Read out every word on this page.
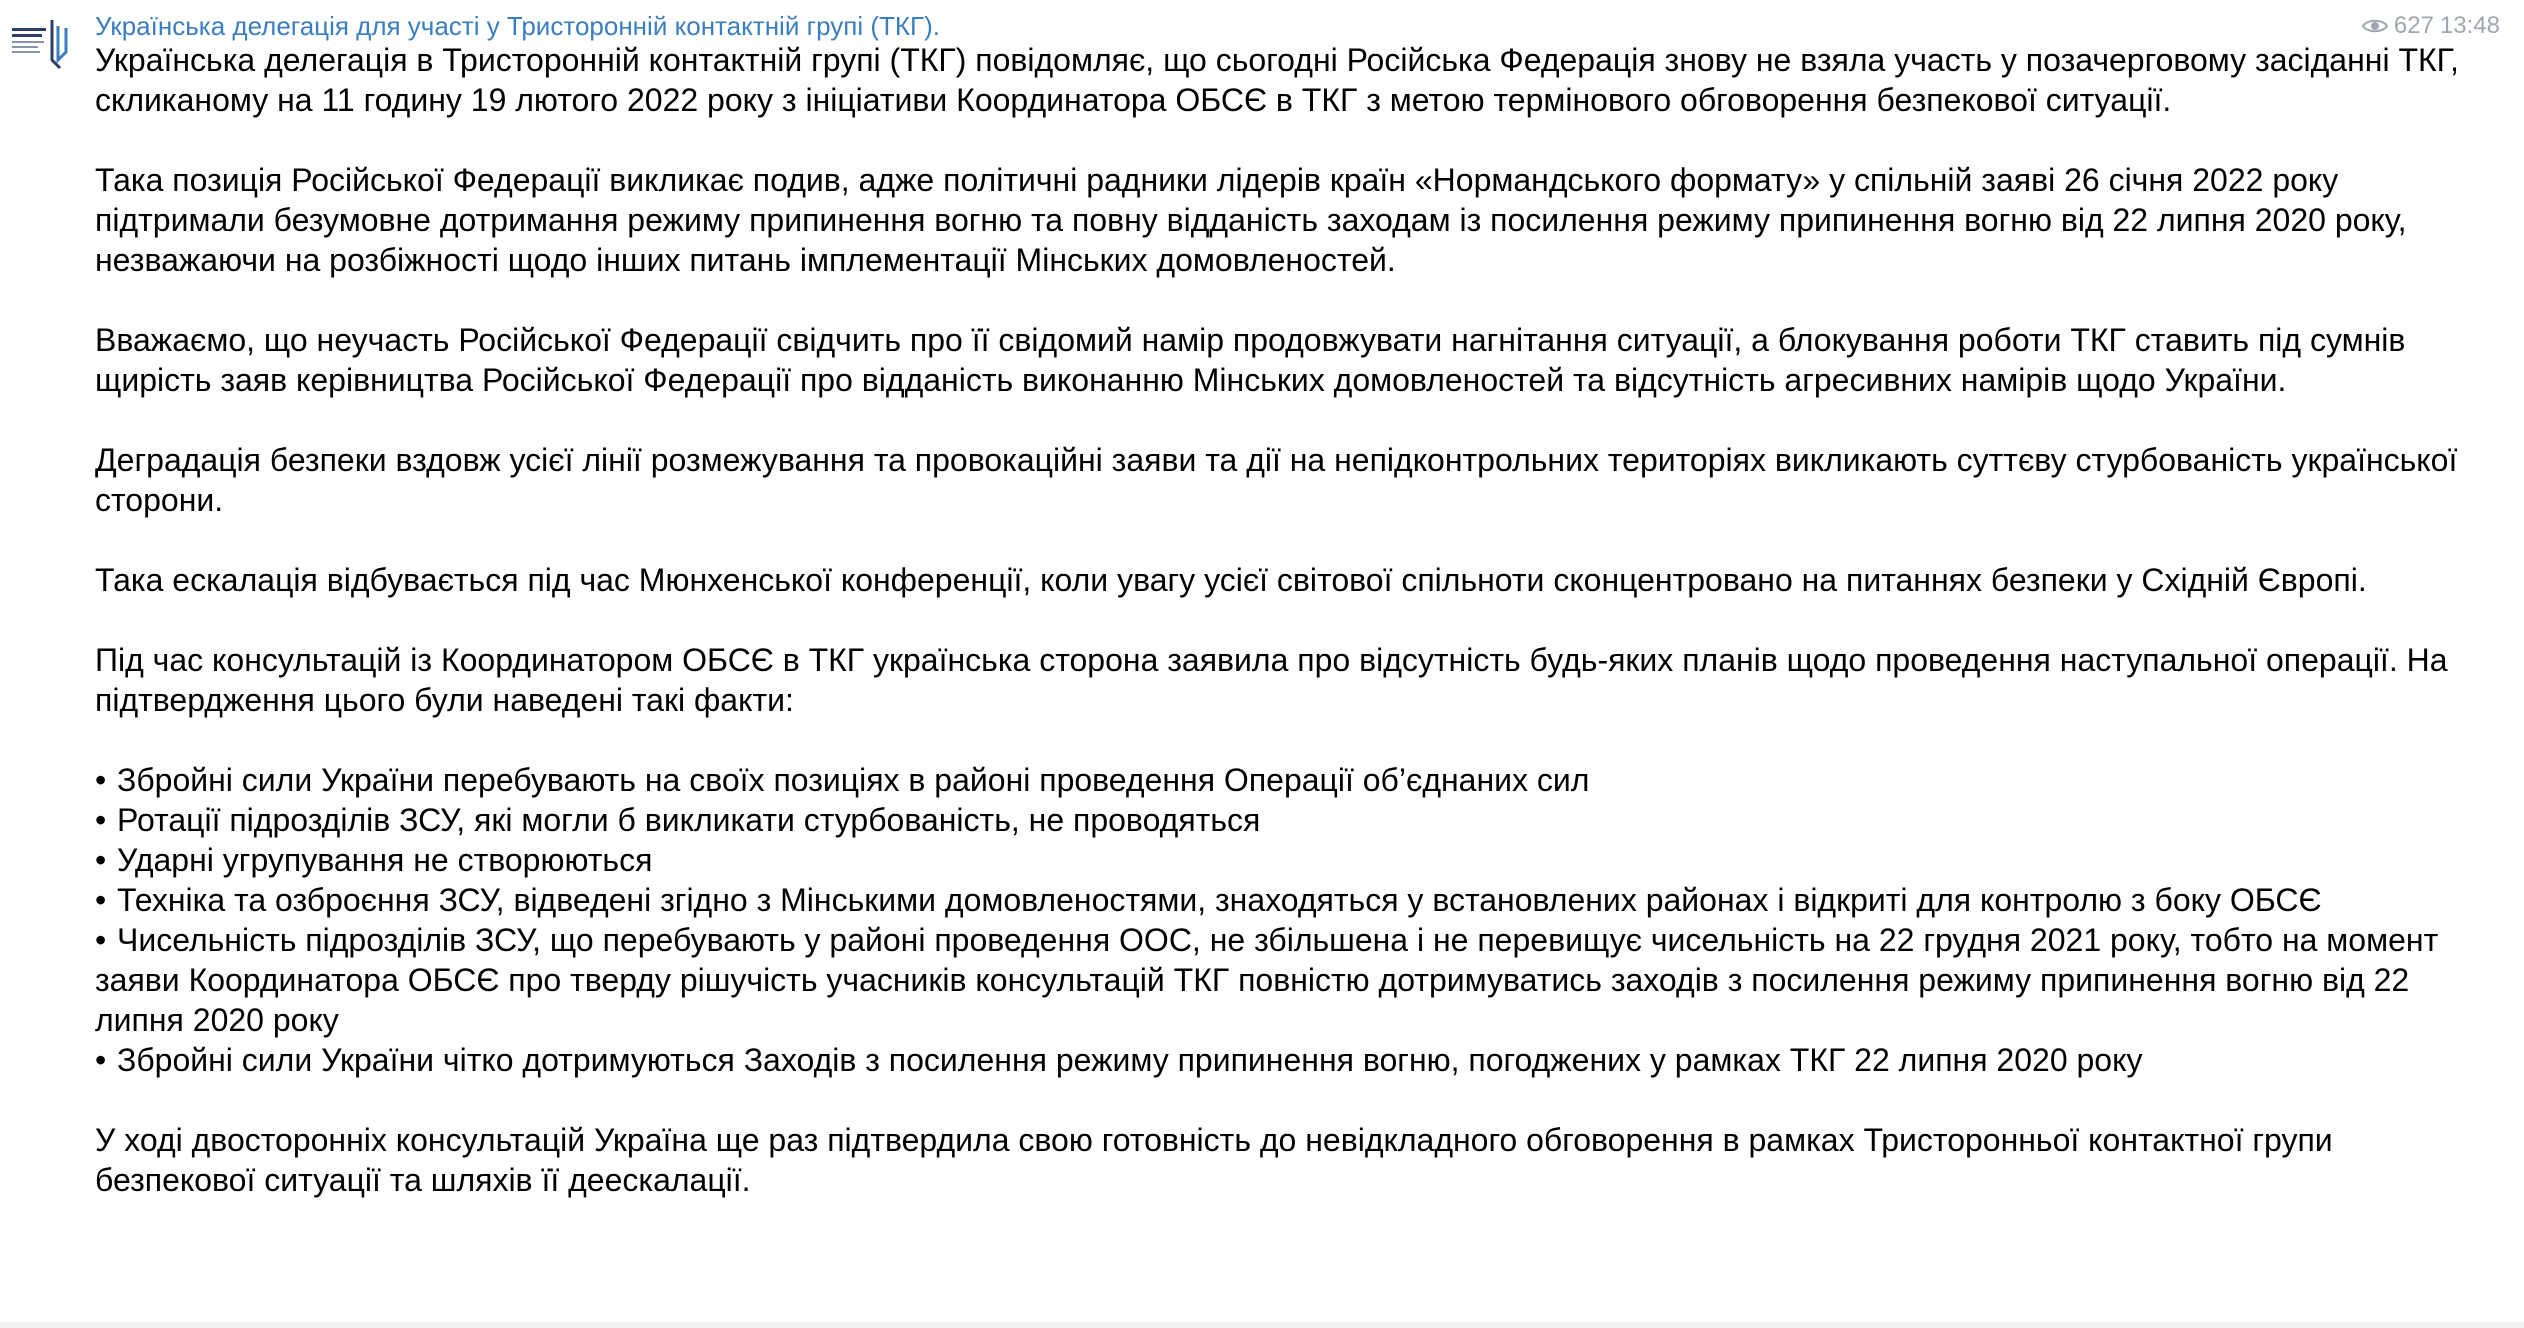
Українська делегація для участі у Тристоронній контактній групі (ТКГ).	627 13:48

Українська делегація в Тристоронній контактній групі (ТКГ) повідомляє, що сьогодні Російська Федерація знову не взяла участь у позачерговому засіданні ТКГ, скликаному на 11 годину 19 лютого 2022 року з ініціативи Координатора ОБСЄ в ТКГ з метою термінового обговорення безпекової ситуації.

Така позиція Російської Федерації викликає подив, адже політичні радники лідерів країн «Нормандського формату» у спільній заяві 26 січня 2022 року підтримали безумовне дотримання режиму припинення вогню та повну відданість заходам із посилення режиму припинення вогню від 22 липня 2020 року, незважаючи на розбіжності щодо інших питань імплементації Мінських домовленостей.

Вважаємо, що неучасть Російської Федерації свідчить про її свідомий намір продовжувати нагнітання ситуації, а блокування роботи ТКГ ставить під сумнів щирість заяв керівництва Російської Федерації про відданість виконанню Мінських домовленостей та відсутність агресивних намірів щодо України.

Деградація безпеки вздовж усієї лінії розмежування та провокаційні заяви та дії на непідконтрольних територіях викликають суттєву стурбованість української сторони.

Така ескалація відбувається під час Мюнхенської конференції, коли увагу усієї світової спільноти сконцентровано на питаннях безпеки у Східній Європі.

Під час консультацій із Координатором ОБСЄ в ТКГ українська сторона заявила про відсутність будь-яких планів щодо проведення наступальної операції. На підтвердження цього були наведені такі факти:

• Збройні сили України перебувають на своїх позиціях в районі проведення Операції об’єднаних сил
• Ротації підрозділів ЗСУ, які могли б викликати стурбованість, не проводяться
• Ударні угрупування не створюються
• Техніка та озброєння ЗСУ, відведені згідно з Мінськими домовленостями, знаходяться у встановлених районах і відкриті для контролю з боку ОБСЄ
• Чисельність підрозділів ЗСУ, що перебувають у районі проведення ООС, не збільшена і не перевищує чисельність на 22 грудня 2021 року, тобто на момент заяви Координатора ОБСЄ про тверду рішучість учасників консультацій ТКГ повністю дотримуватись заходів з посилення режиму припинення вогню від 22 липня 2020 року
• Збройні сили України чітко дотримуються Заходів з посилення режиму припинення вогню, погоджених у рамках ТКГ 22 липня 2020 року

У ході двосторонніх консультацій Україна ще раз підтвердила свою готовність до невідкладного обговорення в рамках Тристоронньої контактної групи безпекової ситуації та шляхів її деескалації.
